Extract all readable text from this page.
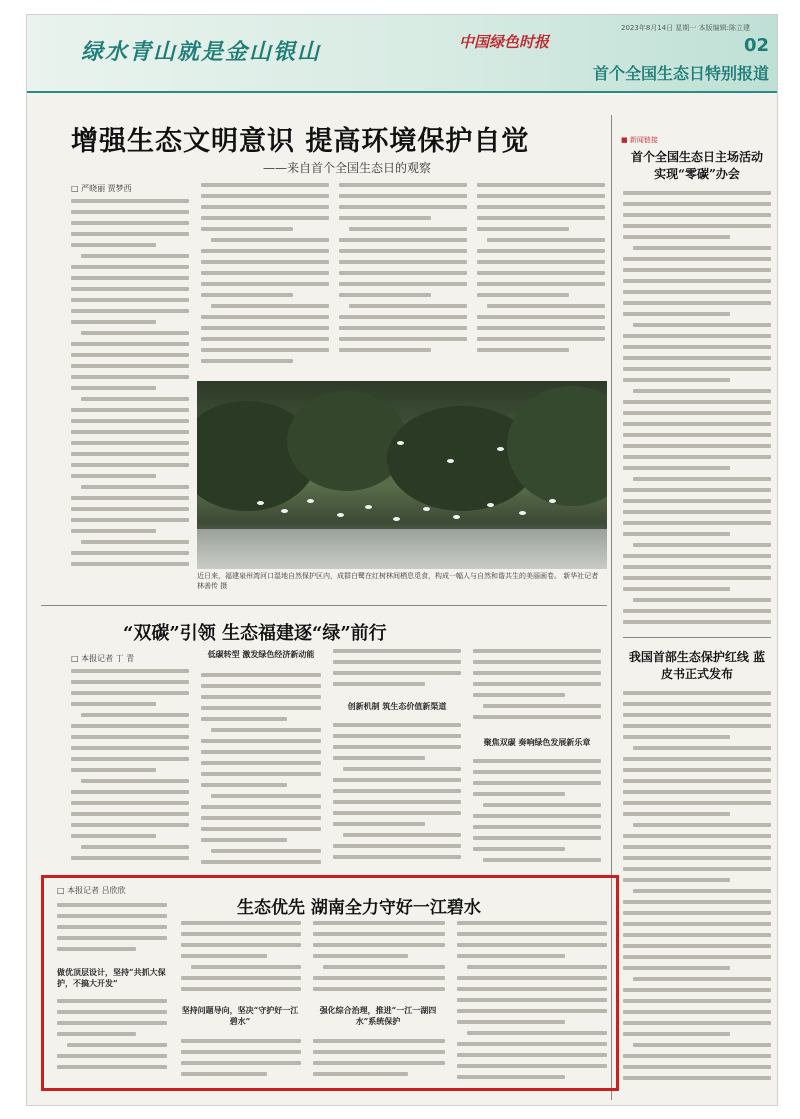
绿水青山就是金山银山	中国绿色时报
2023年8月14日 星期一 本版编辑:陈立建
02
首个全国生态日特别报道
增强生态文明意识 提高环境保护自觉
——来自首个全国生态日的观察
□ 严晓丽 贾梦西
近日来，福建泉州湾河口湿地自然保护区内，成群白鹭在红树林间栖息觅食，构成一幅人与自然和谐共生的美丽画卷。 新华社记者 林善传 摄
■ 新闻链接
首个全国生态日主场活动 实现“零碳”办会
我国首部生态保护红线 蓝皮书正式发布
“双碳”引领 生态福建逐“绿”前行
□ 本报记者 丁 青	低碳转型 激发绿色经济新动能
创新机制 筑生态价值新渠道
聚焦双碳 奏响绿色发展新乐章
生态优先 湖南全力守好一江碧水
□ 本报记者 吕欣欣
做优顶层设计，坚持“共抓大保护，不搞大开发”
坚持问题导向，坚决“守护好一江碧水”
强化综合治理，推进“一江一湖四水”系统保护
